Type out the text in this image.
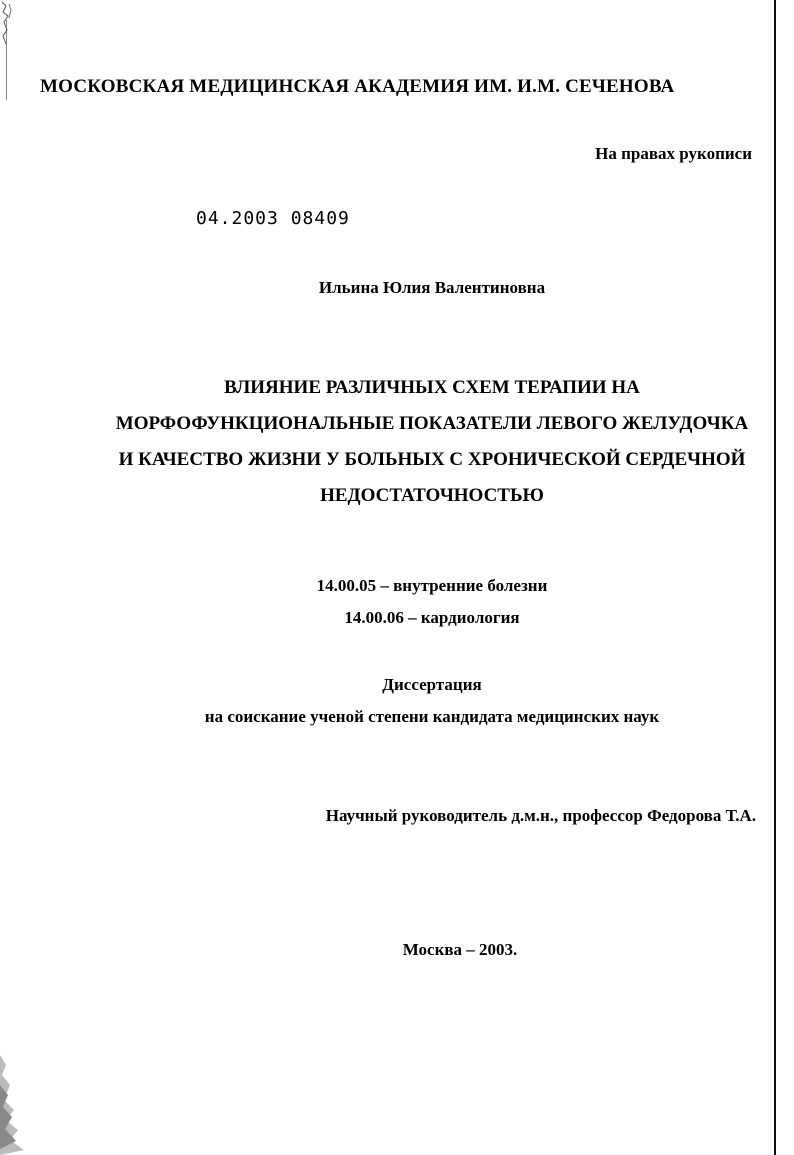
МОСКОВСКАЯ МЕДИЦИНСКАЯ АКАДЕМИЯ ИМ. И.М. СЕЧЕНОВА
На правах рукописи
04.2003 08409
Ильина Юлия Валентиновна
ВЛИЯНИЕ РАЗЛИЧНЫХ СХЕМ ТЕРАПИИ НА
МОРФОФУНКЦИОНАЛЬНЫЕ ПОКАЗАТЕЛИ ЛЕВОГО ЖЕЛУДОЧКА
И КАЧЕСТВО ЖИЗНИ У БОЛЬНЫХ С ХРОНИЧЕСКОЙ СЕРДЕЧНОЙ
НЕДОСТАТОЧНОСТЬЮ
14.00.05 – внутренние болезни
14.00.06 – кардиология
Диссертация
на соискание ученой степени кандидата медицинских наук
Научный руководитель д.м.н., профессор Федорова Т.А.
Москва – 2003.
